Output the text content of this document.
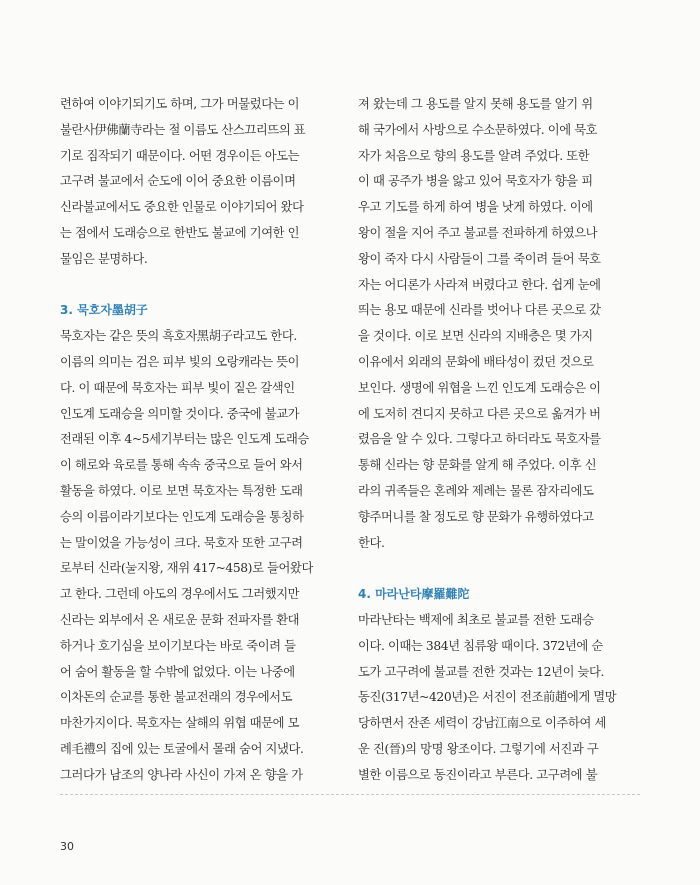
련하여 이야기되기도 하며, 그가 머물렀다는 이
불란사伊佛蘭寺라는 절 이름도 산스끄리뜨의 표
기로 짐작되기 때문이다. 어떤 경우이든 아도는
고구려 불교에서 순도에 이어 중요한 이름이며
신라불교에서도 중요한 인물로 이야기되어 왔다
는 점에서 도래승으로 한반도 불교에 기여한 인
물임은 분명하다.
3. 묵호자墨胡子
묵호자는 같은 뜻의 흑호자黑胡子라고도 한다.
이름의 의미는 검은 피부 빛의 오랑캐라는 뜻이
다. 이 때문에 묵호자는 피부 빛이 짙은 갈색인
인도계 도래승을 의미할 것이다. 중국에 불교가
전래된 이후 4~5세기부터는 많은 인도계 도래승
이 해로와 육로를 통해 속속 중국으로 들어 와서
활동을 하였다. 이로 보면 묵호자는 특정한 도래
승의 이름이라기보다는 인도계 도래승을 통칭하
는 말이었을 가능성이 크다. 묵호자 또한 고구려
로부터 신라(눌지왕, 재위 417~458)로 들어왔다
고 한다. 그런데 아도의 경우에서도 그러했지만
신라는 외부에서 온 새로운 문화 전파자를 환대
하거나 호기심을 보이기보다는 바로 죽이려 들
어 숨어 활동을 할 수밖에 없었다. 이는 나중에
이차돈의 순교를 통한 불교전래의 경우에서도
마찬가지이다. 묵호자는 살해의 위협 때문에 모
례毛禮의 집에 있는 토굴에서 몰래 숨어 지냈다.
그러다가 남조의 양나라 사신이 가져 온 향을 가
져 왔는데 그 용도를 알지 못해 용도를 알기 위
해 국가에서 사방으로 수소문하였다. 이에 묵호
자가 처음으로 향의 용도를 알려 주었다. 또한
이 때 공주가 병을 앓고 있어 묵호자가 향을 피
우고 기도를 하게 하여 병을 낫게 하였다. 이에
왕이 절을 지어 주고 불교를 전파하게 하였으나
왕이 죽자 다시 사람들이 그를 죽이려 들어 묵호
자는 어디론가 사라져 버렸다고 한다. 쉽게 눈에
띄는 용모 때문에 신라를 벗어나 다른 곳으로 갔
을 것이다. 이로 보면 신라의 지배층은 몇 가지
이유에서 외래의 문화에 배타성이 컸던 것으로
보인다. 생명에 위협을 느낀 인도계 도래승은 이
에 도저히 견디지 못하고 다른 곳으로 옮겨가 버
렸음을 알 수 있다. 그렇다고 하더라도 묵호자를
통해 신라는 향 문화를 알게 해 주었다. 이후 신
라의 귀족들은 혼례와 제례는 물론 잠자리에도
향주머니를 찰 정도로 향 문화가 유행하였다고
한다.
4. 마라난타摩羅難陀
마라난타는 백제에 최초로 불교를 전한 도래승
이다. 이때는 384년 침류왕 때이다. 372년에 순
도가 고구려에 불교를 전한 것과는 12년이 늦다.
동진(317년~420년)은 서진이 전조前趙에게 멸망
당하면서 잔존 세력이 강남江南으로 이주하여 세
운 진(晉)의 망명 왕조이다. 그렇기에 서진과 구
별한 이름으로 동진이라고 부른다. 고구려에 불
30
